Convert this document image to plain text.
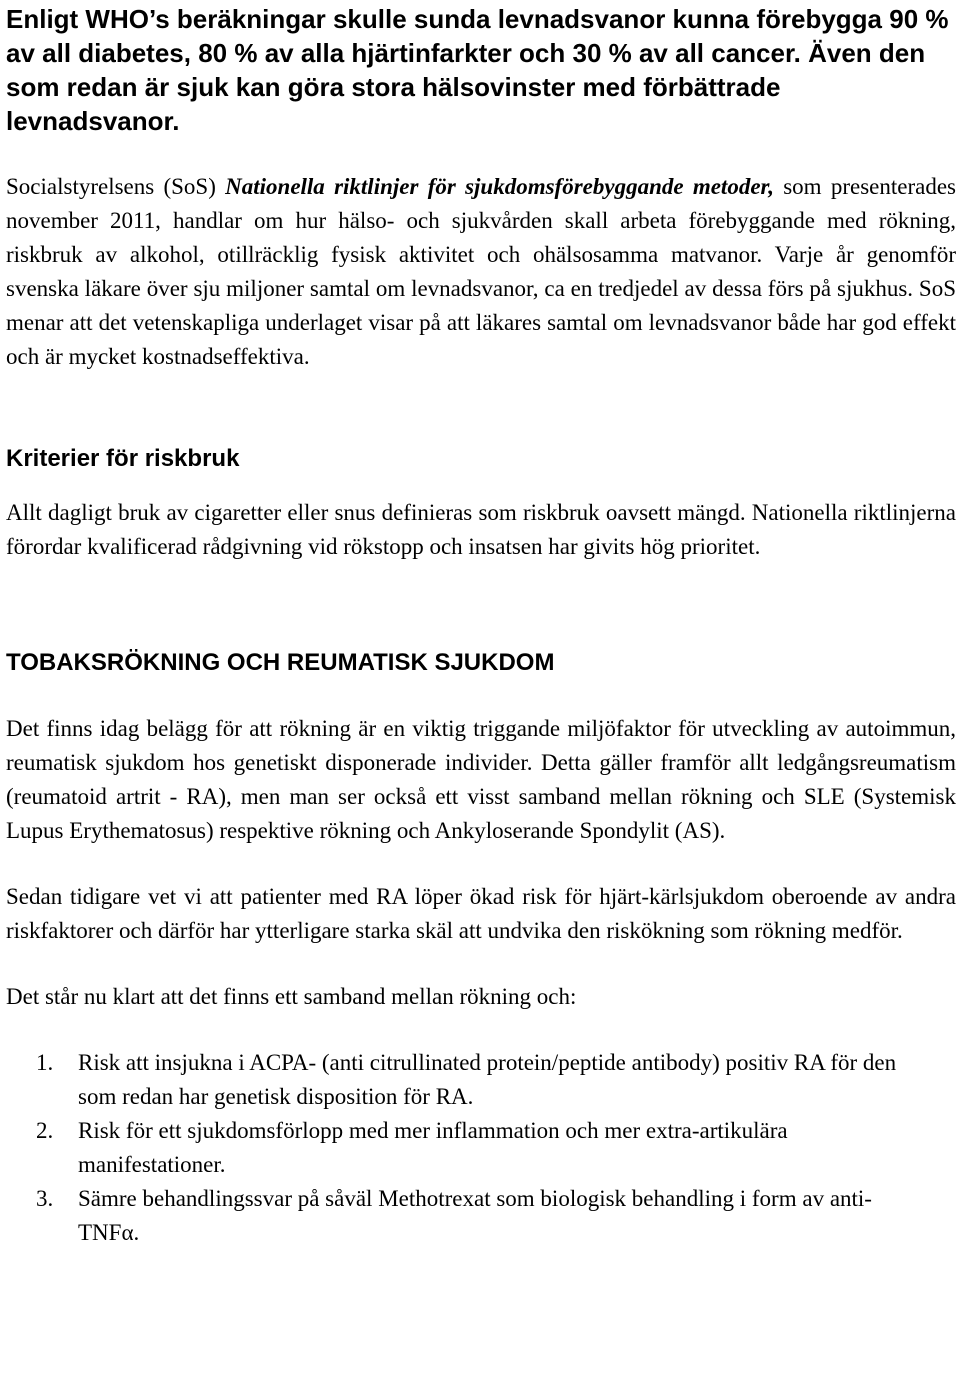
Enligt WHO’s beräkningar skulle sunda levnadsvanor kunna förebygga 90 % av all diabetes, 80 % av alla hjärtinfarkter och 30 % av all cancer. Även den som redan är sjuk kan göra stora hälsovinster med förbättrade levnadsvanor.

Socialstyrelsens (SoS) Nationella riktlinjer för sjukdomsförebyggande metoder, som presenterades november 2011, handlar om hur hälso- och sjukvården skall arbeta förebyggande med rökning, riskbruk av alkohol, otillräcklig fysisk aktivitet och ohälsosamma matvanor. Varje år genomför svenska läkare över sju miljoner samtal om levnadsvanor, ca en tredjedel av dessa förs på sjukhus. SoS menar att det vetenskapliga underlaget visar på att läkares samtal om levnadsvanor både har god effekt och är mycket kostnadseffektiva.

Kriterier för riskbruk

Allt dagligt bruk av cigaretter eller snus definieras som riskbruk oavsett mängd. Nationella riktlinjerna förordar kvalificerad rådgivning vid rökstopp och insatsen har givits hög prioritet.

TOBAKSRÖKNING OCH REUMATISK SJUKDOM

Det finns idag belägg för att rökning är en viktig triggande miljöfaktor för utveckling av autoimmun, reumatisk sjukdom hos genetiskt disponerade individer. Detta gäller framför allt ledgångsreumatism (reumatoid artrit - RA), men man ser också ett visst samband mellan rökning och SLE (Systemisk Lupus Erythematosus) respektive rökning och Ankyloserande Spondylit (AS).

Sedan tidigare vet vi att patienter med RA löper ökad risk för hjärt-kärlsjukdom oberoende av andra riskfaktorer och därför har ytterligare starka skäl att undvika den riskökning som rökning medför.

Det står nu klart att det finns ett samband mellan rökning och:

1. Risk att insjukna i ACPA- (anti citrullinated protein/peptide antibody) positiv RA för den som redan har genetisk disposition för RA.
2. Risk för ett sjukdomsförlopp med mer inflammation och mer extra-artikulära manifestationer.
3. Sämre behandlingssvar på såväl Methotrexat som biologisk behandling i form av anti-TNFα.
